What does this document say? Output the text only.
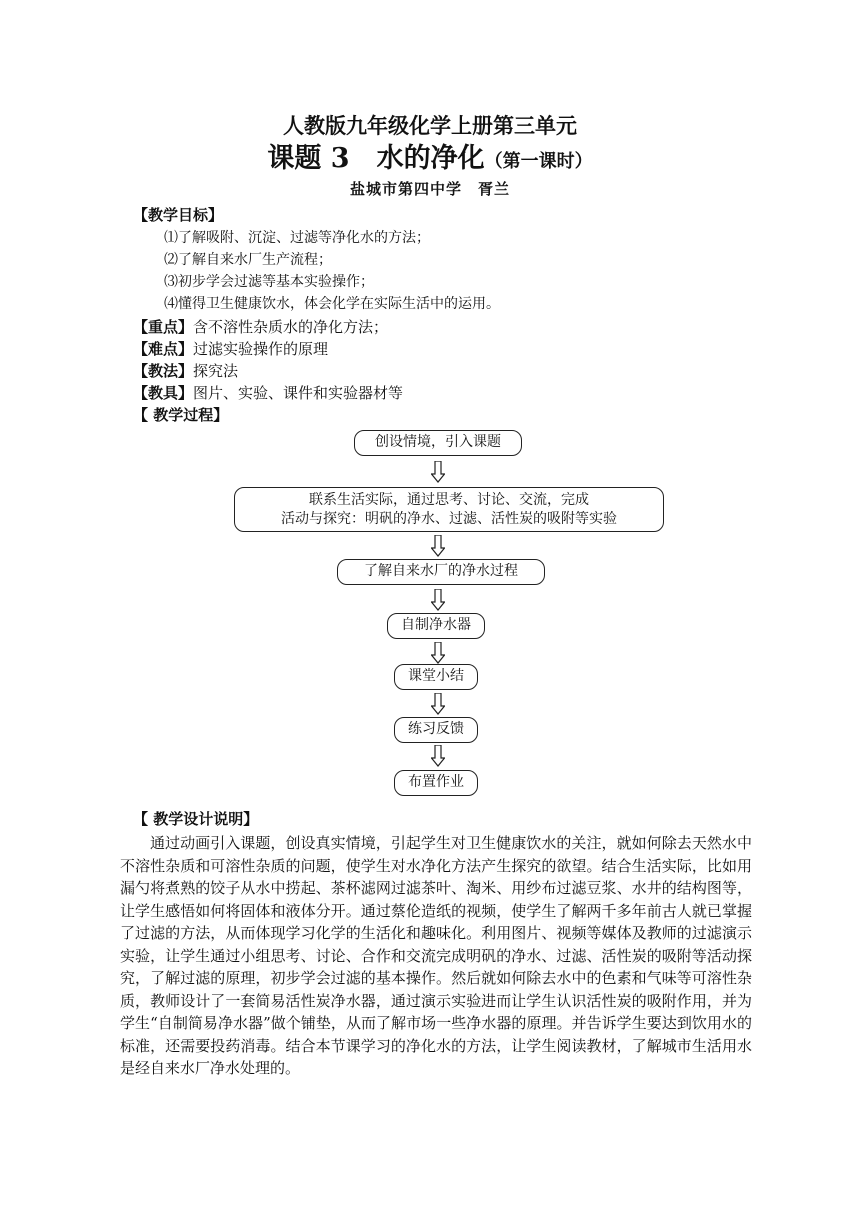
人教版九年级化学上册第三单元
课题 3　水的净化（第一课时）
盐城市第四中学　胥兰
【教学目标】
⑴了解吸附、沉淀、过滤等净化水的方法；
⑵了解自来水厂生产流程；
⑶初步学会过滤等基本实验操作；
⑷懂得卫生健康饮水，体会化学在实际生活中的运用。
【重点】含不溶性杂质水的净化方法；
【难点】过滤实验操作的原理
【教法】探究法
【教具】图片、实验、课件和实验器材等
【 教学过程】
创设情境，引入课题
联系生活实际，通过思考、讨论、交流，完成
活动与探究：明矾的净水、过滤、活性炭的吸附等实验
了解自来水厂的净水过程
自制净水器
课堂小结
练习反馈
布置作业
【 教学设计说明】
通过动画引入课题，创设真实情境，引起学生对卫生健康饮水的关注，就如何除去天然水中不溶性杂质和可溶性杂质的问题，使学生对水净化方法产生探究的欲望。结合生活实际，比如用漏勺将煮熟的饺子从水中捞起、茶杯滤网过滤茶叶、淘米、用纱布过滤豆浆、水井的结构图等，让学生感悟如何将固体和液体分开。通过蔡伦造纸的视频，使学生了解两千多年前古人就已掌握了过滤的方法，从而体现学习化学的生活化和趣味化。利用图片、视频等媒体及教师的过滤演示实验，让学生通过小组思考、讨论、合作和交流完成明矾的净水、过滤、活性炭的吸附等活动探究，了解过滤的原理，初步学会过滤的基本操作。然后就如何除去水中的色素和气味等可溶性杂质，教师设计了一套简易活性炭净水器，通过演示实验进而让学生认识活性炭的吸附作用，并为学生“自制简易净水器”做个铺垫，从而了解市场一些净水器的原理。并告诉学生要达到饮用水的标准，还需要投药消毒。结合本节课学习的净化水的方法，让学生阅读教材，了解城市生活用水是经自来水厂净水处理的。
